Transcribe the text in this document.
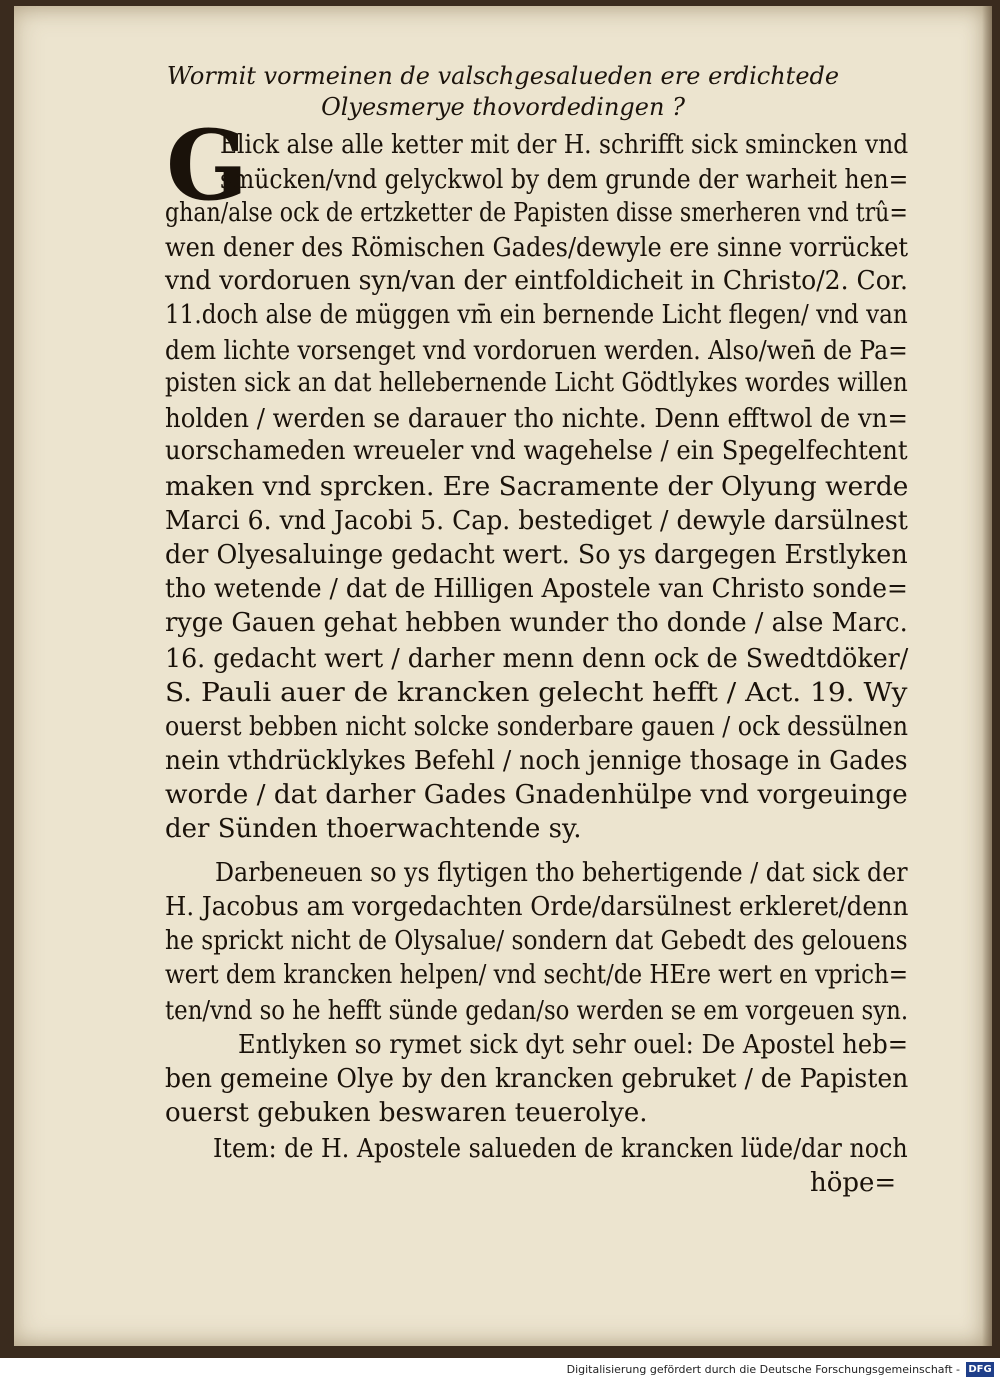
Wormit vormeinen de valschgesalueden ere erdichtede
Olyesmerye thovordedingen ?
G
Elick alse alle ketter mit der H. schrifft sick smincken vnd
smücken/vnd gelyckwol by dem grunde der warheit hen=
ghan/alse ock de ertzketter de Papisten disse smerheren vnd trû=
wen dener des Römischen Gades/dewyle ere sinne vorrücket
vnd vordoruen syn/van der eintfoldicheit in Christo/2. Cor.
11.doch alse de müggen vm̄ ein bernende Licht flegen/ vnd van
dem lichte vorsenget vnd vordoruen werden. Also/wen̄ de Pa=
pisten sick an dat hellebernende Licht Gödtlykes wordes willen
holden / werden se darauer tho nichte. Denn efftwol de vn=
uorschameden wreueler vnd wagehelse / ein Spegelfechtent
maken vnd sprcken. Ere Sacramente der Olyung werde
Marci 6. vnd Jacobi 5. Cap. bestediget / dewyle darsülnest
der Olyesaluinge gedacht wert. So ys dargegen Erstlyken
tho wetende / dat de Hilligen Apostele van Christo sonde=
ryge Gauen gehat hebben wunder tho donde / alse Marc.
16. gedacht wert / darher menn denn ock de Swedtdöker/
S. Pauli auer de krancken gelecht hefft / Act. 19. Wy
ouerst bebben nicht solcke sonderbare gauen / ock dessülnen
nein vthdrücklykes Befehl / noch jennige thosage in Gades
worde / dat darher Gades Gnadenhülpe vnd vorgeuinge
der Sünden thoerwachtende sy.
Darbeneuen so ys flytigen tho behertigende / dat sick der
H. Jacobus am vorgedachten Orde/darsülnest erkleret/denn
he sprickt nicht de Olysalue/ sondern dat Gebedt des gelouens
wert dem krancken helpen/ vnd secht/de HEre wert en vprich=
ten/vnd so he hefft sünde gedan/so werden se em vorgeuen syn.
Entlyken so rymet sick dyt sehr ouel: De Apostel heb=
ben gemeine Olye by den krancken gebruket / de Papisten
ouerst gebuken beswaren teuerolye.
Item: de H. Apostele salueden de krancken lüde/dar noch
höpe=
Digitalisierung gefördert durch die Deutsche Forschungsgemeinschaft - DFG
